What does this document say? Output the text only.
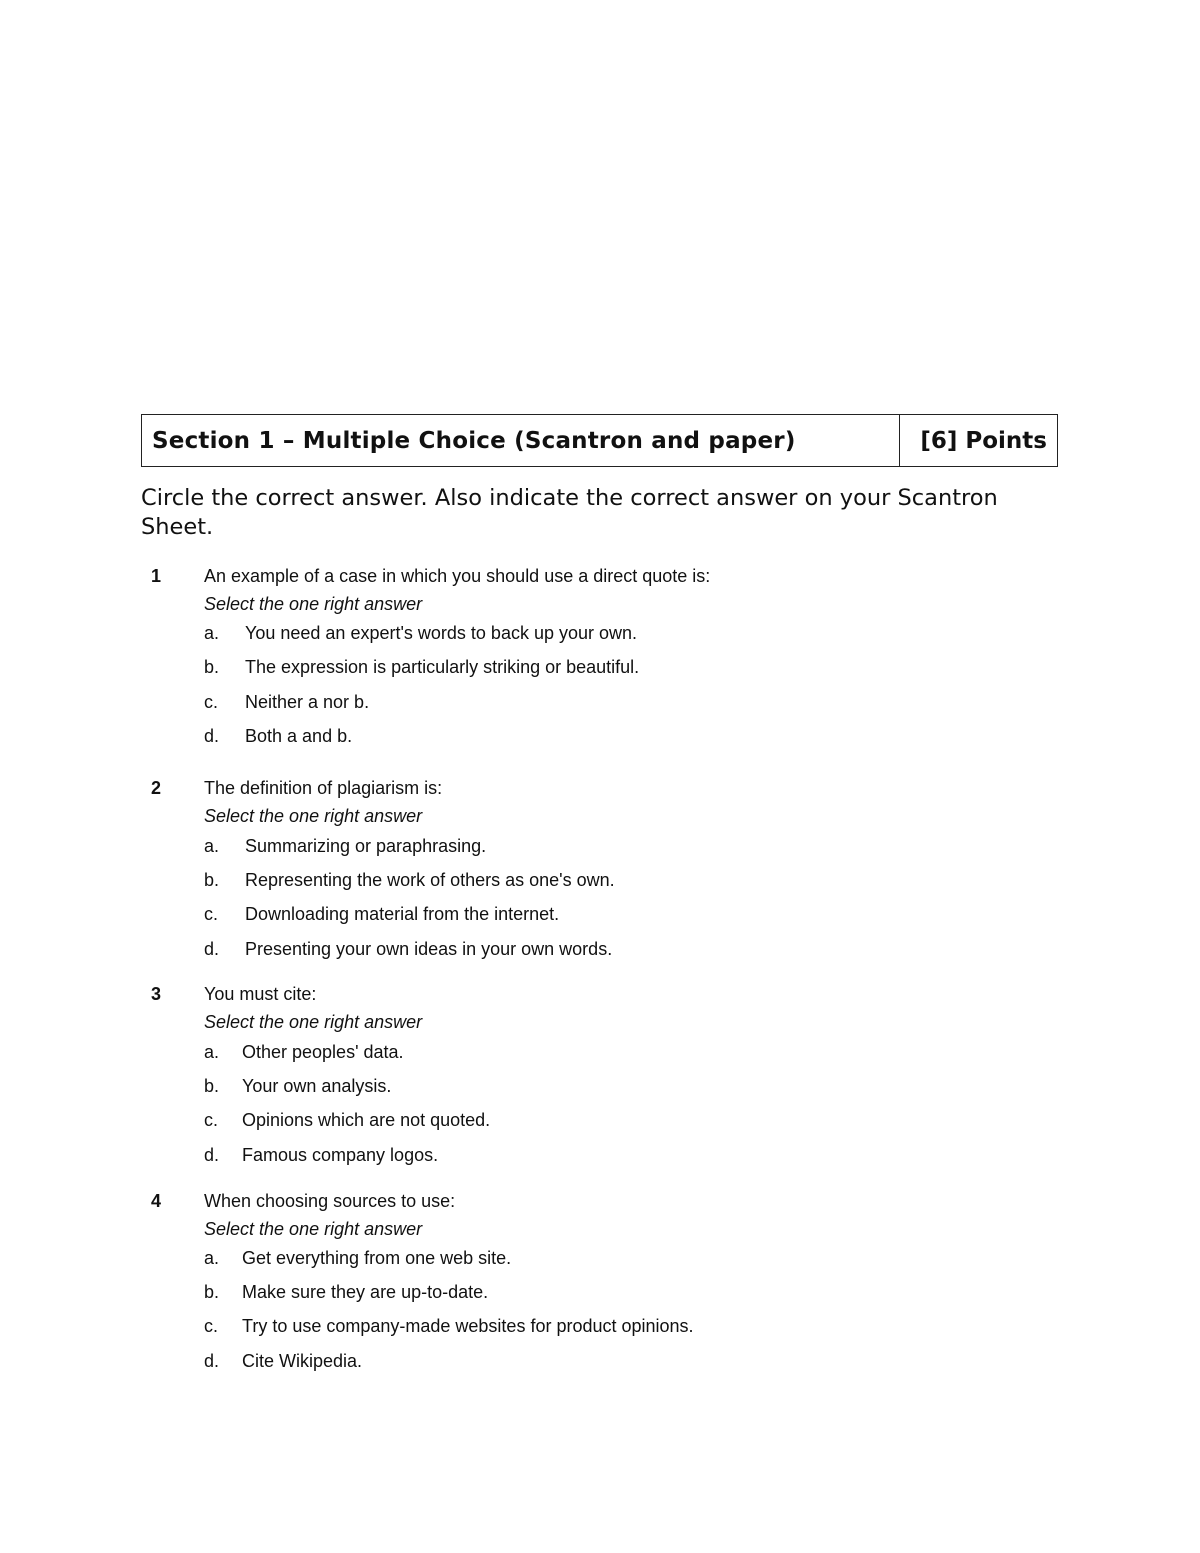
Section 1 – Multiple Choice (Scantron and paper)	[6] Points
Circle the correct answer. Also indicate the correct answer on your Scantron Sheet.
1 An example of a case in which you should use a direct quote is:
Select the one right answer
a. You need an expert's words to back up your own.
b. The expression is particularly striking or beautiful.
c. Neither a nor b.
d. Both a and b.
2 The definition of plagiarism is:
Select the one right answer
a. Summarizing or paraphrasing.
b. Representing the work of others as one's own.
c. Downloading material from the internet.
d. Presenting your own ideas in your own words.
3 You must cite:
Select the one right answer
a. Other peoples' data.
b. Your own analysis.
c. Opinions which are not quoted.
d. Famous company logos.
4 When choosing sources to use:
Select the one right answer
a. Get everything from one web site.
b. Make sure they are up-to-date.
c. Try to use company-made websites for product opinions.
d. Cite Wikipedia.
